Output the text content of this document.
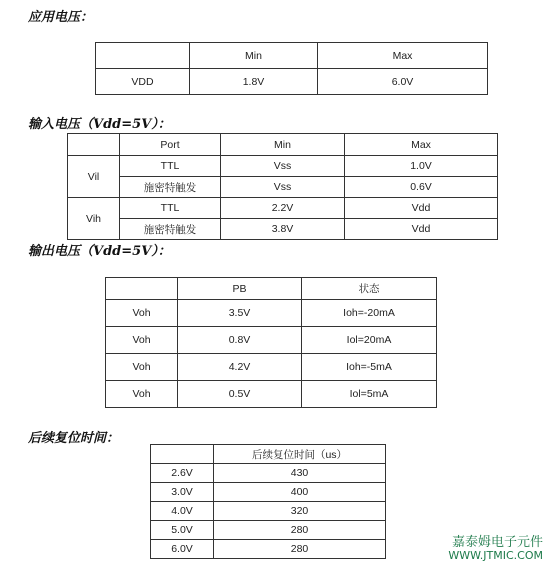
应用电压：
	Min	Max
VDD	1.8V	6.0V
输入电压（Vdd=5V）：
	Port	Min	Max
Vil	TTL	Vss	1.0V
	施密特触发	Vss	0.6V
Vih	TTL	2.2V	Vdd
	施密特触发	3.8V	Vdd
输出电压（Vdd=5V）：
	PB	状态
Voh	3.5V	Ioh=-20mA
Voh	0.8V	Iol=20mA
Voh	4.2V	Ioh=-5mA
Voh	0.5V	Iol=5mA
后续复位时间：
	后续复位时间（us）
2.6V	430
3.0V	400
4.0V	320
5.0V	280
6.0V	280	嘉泰姆电子元件
WWW.JTMIC.COM
